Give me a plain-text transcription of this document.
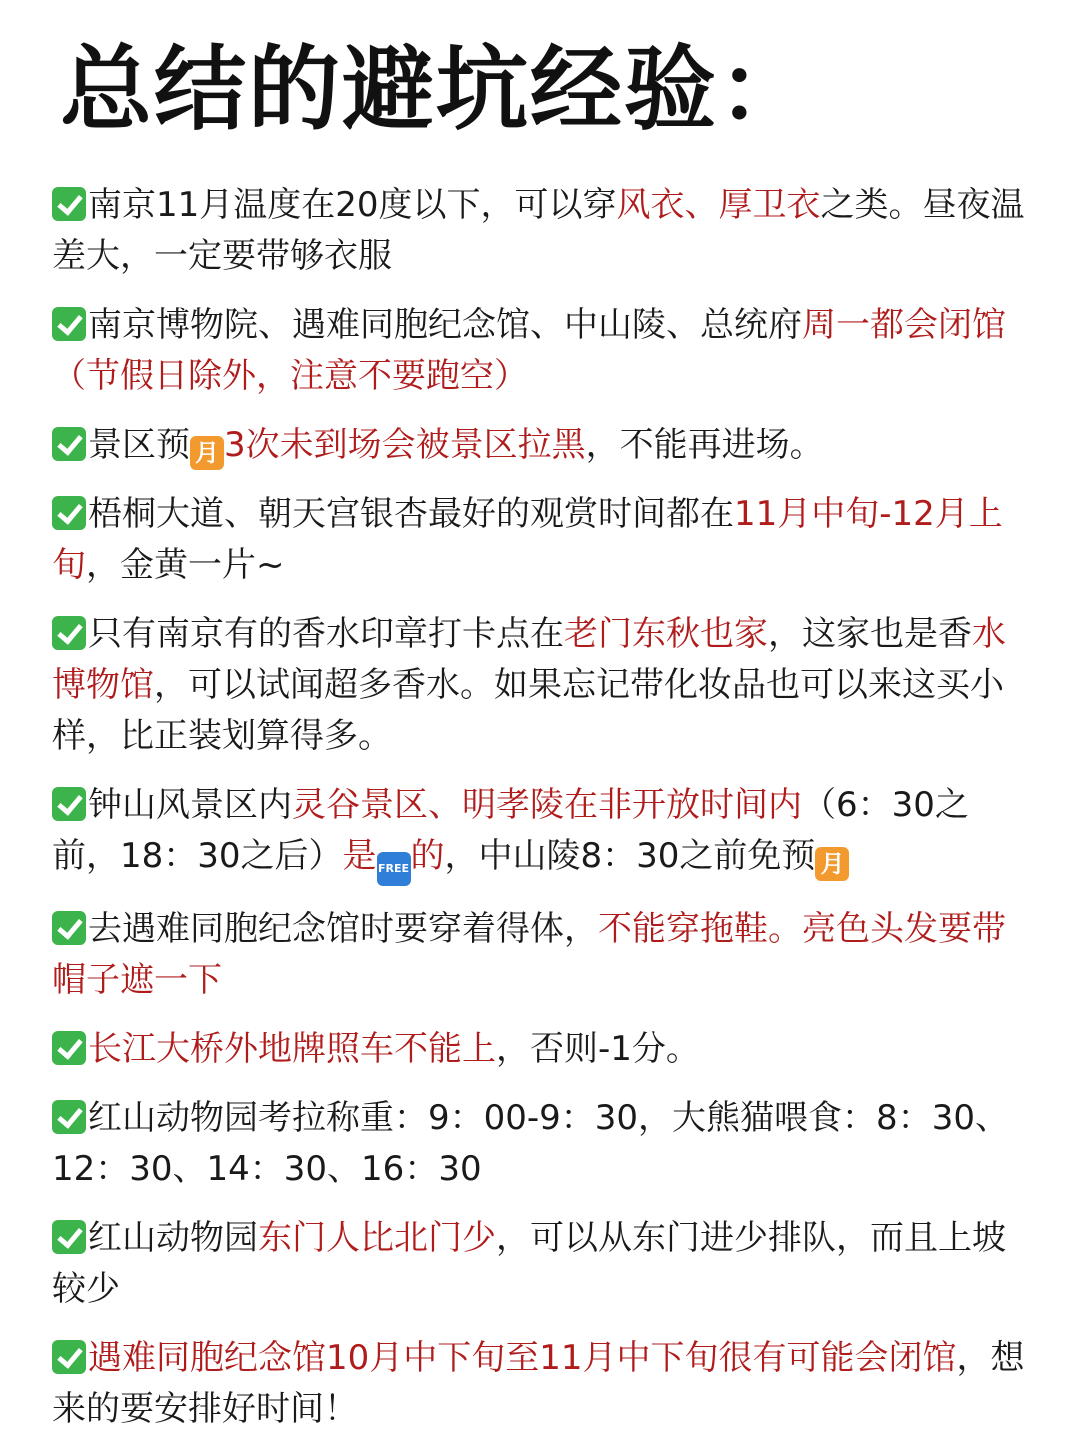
总结的避坑经验：
南京11月温度在20度以下，可以穿风衣、厚卫衣之类。昼夜温差大，一定要带够衣服
南京博物院、遇难同胞纪念馆、中山陵、总统府周一都会闭馆（节假日除外，注意不要跑空）
景区预 月 3次未到场会被景区拉黑，不能再进场。
梧桐大道、朝天宫银杏最好的观赏时间都在11月中旬-12月上旬，金黄一片~
只有南京有的香水印章打卡点在老门东秋也家，这家也是香水博物馆，可以试闻超多香水。如果忘记带化妆品也可以来这买小样，比正装划算得多。
钟山风景区内灵谷景区、明孝陵在非开放时间内（6：30之前，18：30之后）是FREE的，中山陵8：30之前免预 月
去遇难同胞纪念馆时要穿着得体，不能穿拖鞋。亮色头发要带帽子遮一下
长江大桥外地牌照车不能上，否则-1分。
红山动物园考拉称重：9：00-9：30，大熊猫喂食：8：30、12：30、14：30、16：30
红山动物园东门人比北门少，可以从东门进少排队，而且上坡较少
遇难同胞纪念馆10月中下旬至11月中下旬很有可能会闭馆，想来的要安排好时间！
